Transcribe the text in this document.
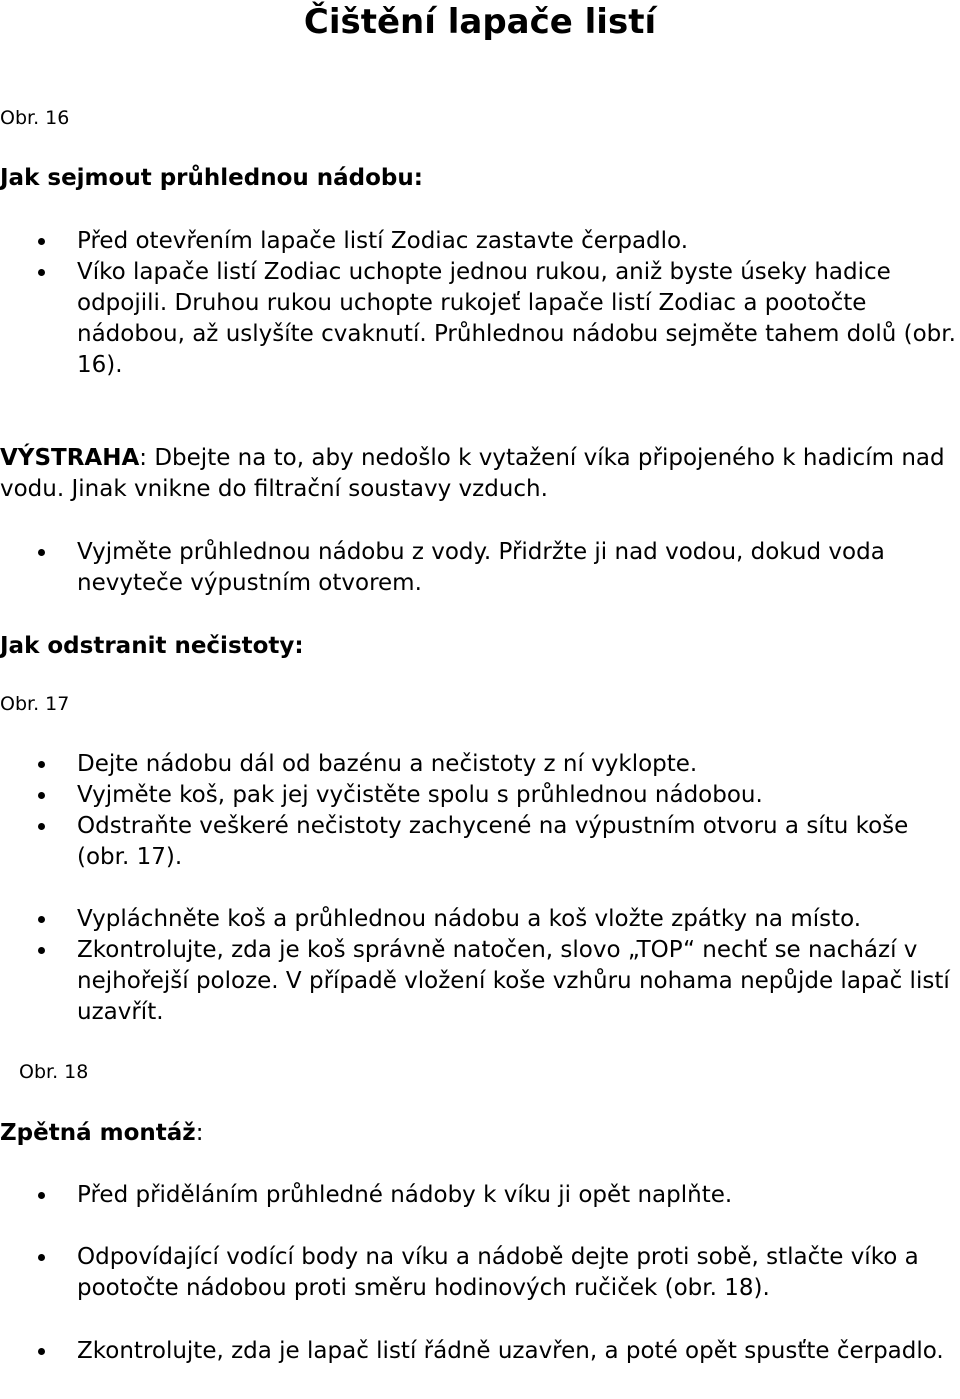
Čištění lapače listí

Obr. 16

Jak sejmout průhlednou nádobu:
Před otevřením lapače listí Zodiac zastavte čerpadlo.
Víko lapače listí Zodiac uchopte jednou rukou, aniž byste úseky hadice odpojili. Druhou rukou uchopte rukojeť lapače listí Zodiac a pootočte nádobou, až uslyšíte cvaknutí. Průhlednou nádobu sejměte tahem dolů (obr. 16).

VÝSTRAHA: Dbejte na to, aby nedošlo k vytažení víka připojeného k hadicím nad vodu. Jinak vnikne do filtrační soustavy vzduch.

Vyjměte průhlednou nádobu z vody. Přidržte ji nad vodou, dokud voda nevyteče výpustním otvorem.
Jak odstranit nečistoty:

Obr. 17

Dejte nádobu dál od bazénu a nečistoty z ní vyklopte.
Vyjměte koš, pak jej vyčistěte spolu s průhlednou nádobou.
Odstraňte veškeré nečistoty zachycené na výpustním otvoru a sítu koše (obr. 17).
Vypláchněte koš a průhlednou nádobu a koš vložte zpátky na místo.
Zkontrolujte, zda je koš správně natočen, slovo „TOP“ nechť se nachází v nejhořejší poloze. V případě vložení koše vzhůru nohama nepůjde lapač listí uzavřít.

Obr. 18

Zpětná montáž:
Před přiděláním průhledné nádoby k víku ji opět naplňte.
Odpovídající vodící body na víku a nádobě dejte proti sobě, stlačte víko a pootočte nádobou proti směru hodinových ručiček (obr. 18).
Zkontrolujte, zda je lapač listí řádně uzavřen, a poté opět spusťte čerpadlo.
